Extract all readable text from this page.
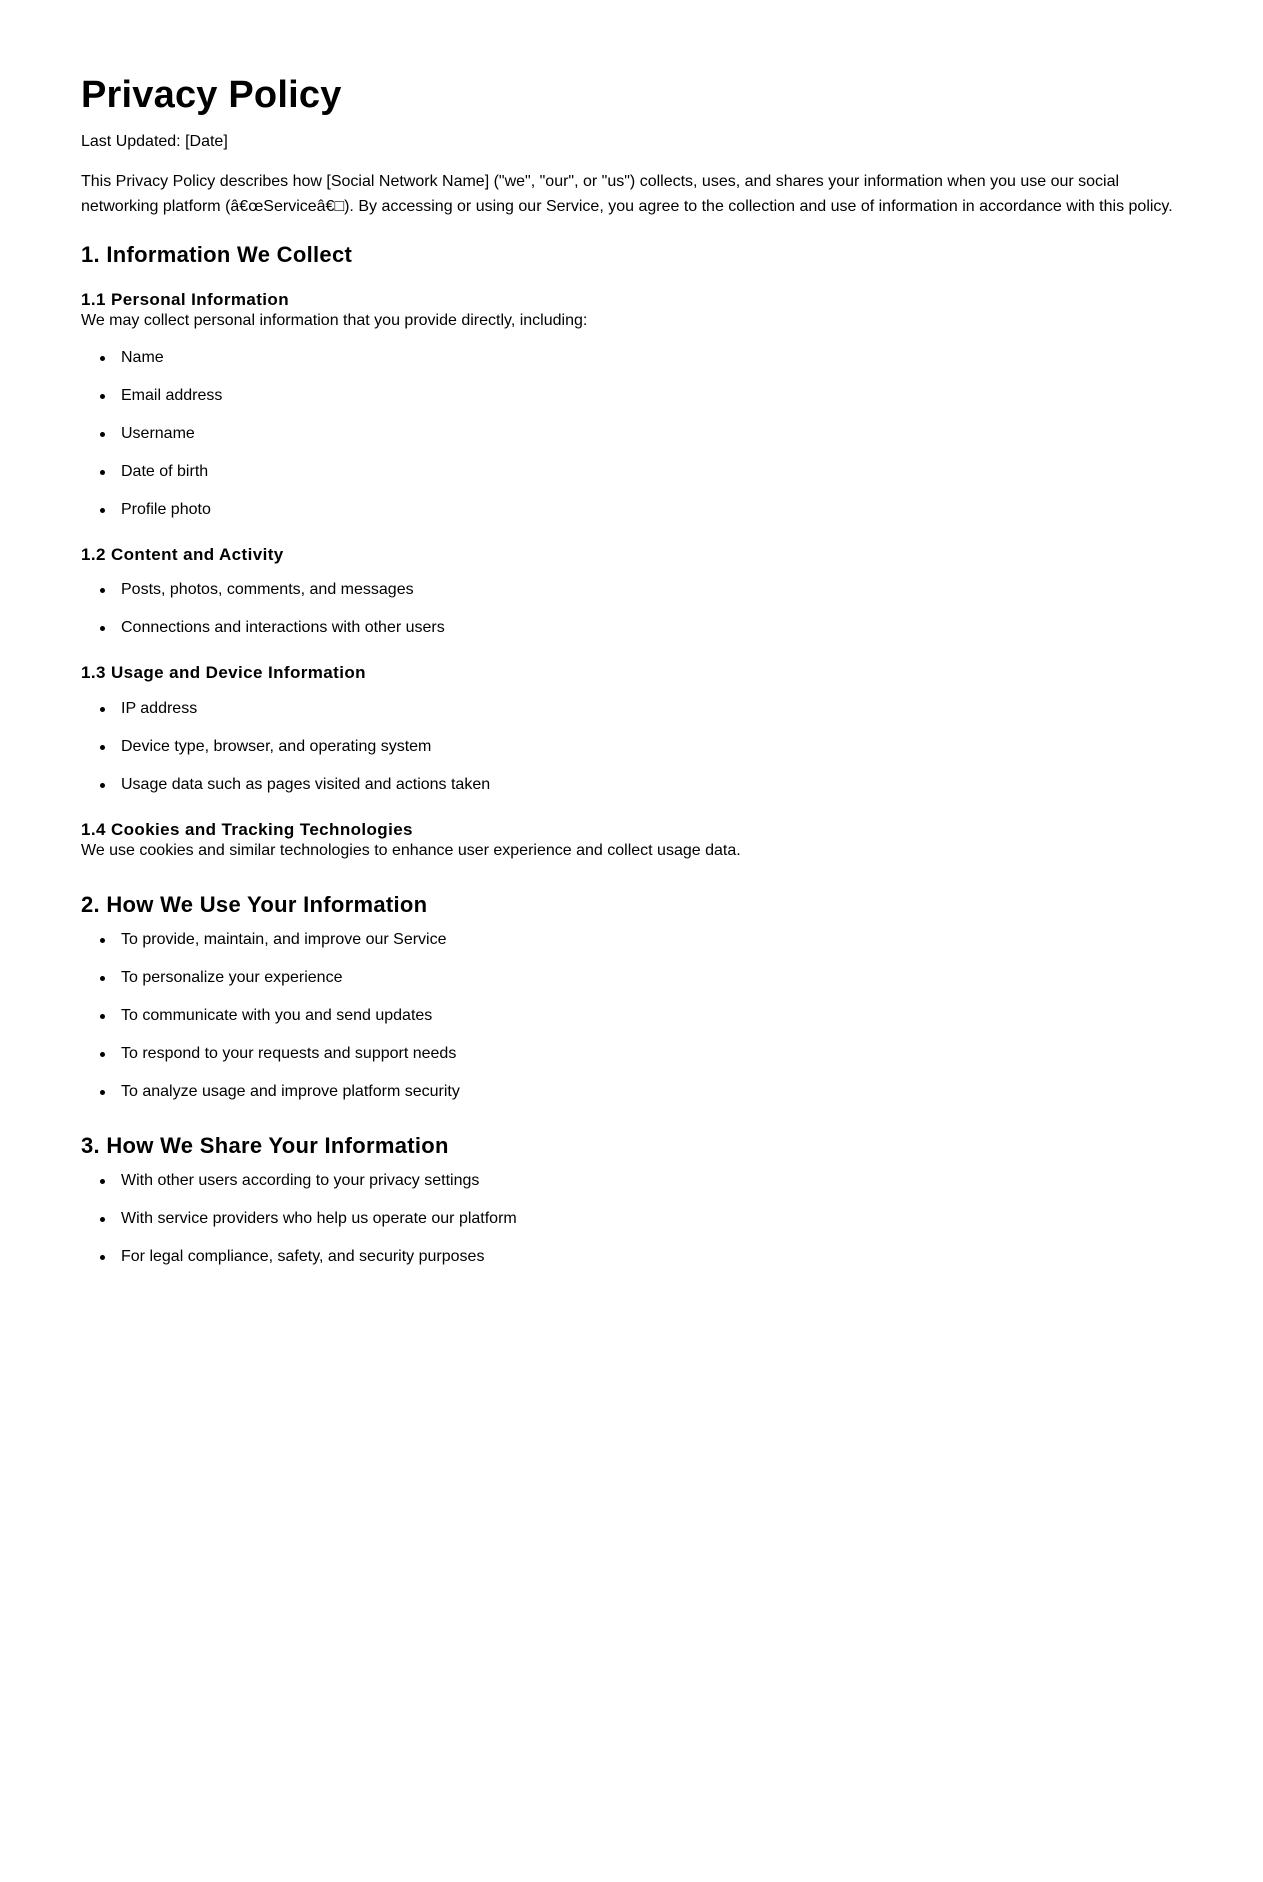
Privacy Policy

Last Updated: [Date]

This Privacy Policy describes how [Social Network Name] ("we", "our", or "us") collects, uses, and shares your information when you use our social networking platform (â€œServiceâ€□). By accessing or using our Service, you agree to the collection and use of information in accordance with this policy.

1. Information We Collect
1.1 Personal Information

We may collect personal information that you provide directly, including:

Name
Email address
Username
Date of birth
Profile photo
1.2 Content and Activity
Posts, photos, comments, and messages
Connections and interactions with other users
1.3 Usage and Device Information
IP address
Device type, browser, and operating system
Usage data such as pages visited and actions taken
1.4 Cookies and Tracking Technologies

We use cookies and similar technologies to enhance user experience and collect usage data.

2. How We Use Your Information
To provide, maintain, and improve our Service
To personalize your experience
To communicate with you and send updates
To respond to your requests and support needs
To analyze usage and improve platform security
3. How We Share Your Information
With other users according to your privacy settings
With service providers who help us operate our platform
For legal compliance, safety, and security purposes
